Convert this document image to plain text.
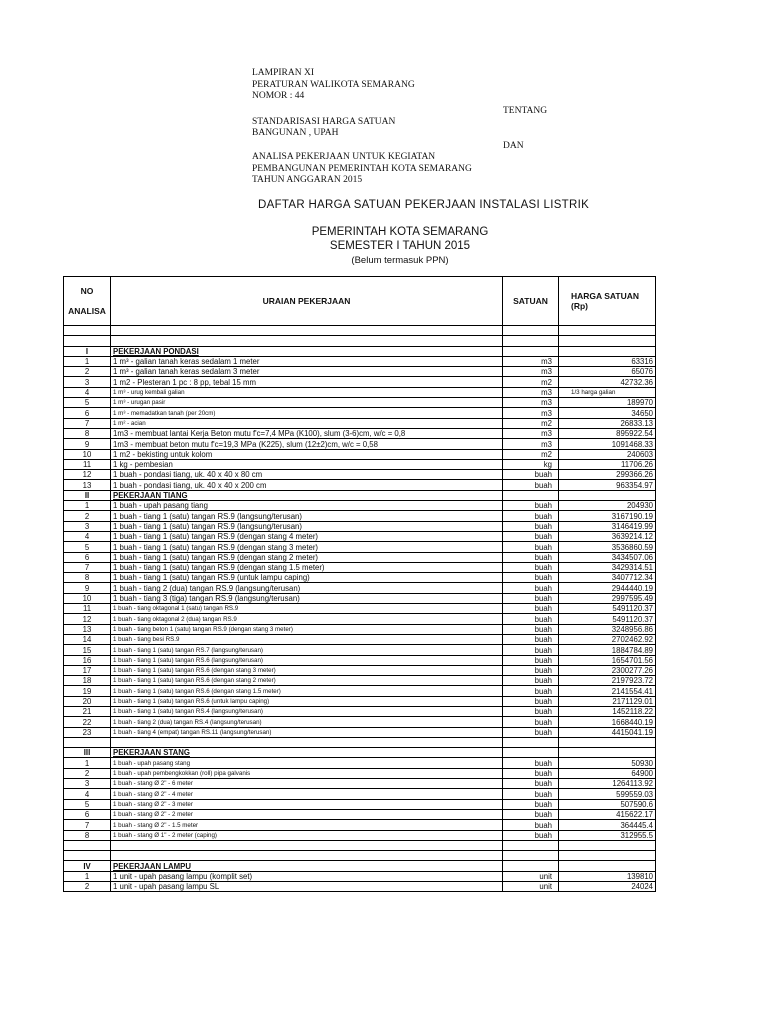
LAMPIRAN XI
PERATURAN WALIKOTA SEMARANG
NOMOR : 44
STANDARISASI HARGA SATUAN
BANGUNAN , UPAH
ANALISA PEKERJAAN UNTUK KEGIATAN
PEMBANGUNAN PEMERINTAH KOTA SEMARANG
TAHUN ANGGARAN 2015
TENTANG
DAN
DAFTAR HARGA SATUAN PEKERJAAN INSTALASI LISTRIK
PEMERINTAH KOTA SEMARANG
SEMESTER I TAHUN 2015
(Belum termasuk PPN)
NO
ANALISA	URAIAN PEKERJAAN	SATUAN	HARGA SATUAN (Rp)

I	PEKERJAAN PONDASI		
1	1 m³ - galian tanah keras sedalam 1 meter	m3	63316
2	1 m³ - galian tanah keras sedalam 3 meter	m3	65076
3	1 m2 - Plesteran 1 pc : 8 pp, tebal 15 mm	m2	42732.36
4	1 m³ - urug kembali galian	m3	1/3 harga galian
5	1 m³ - urugan pasir	m3	189970
6	1 m³ - memadatkan tanah (per 20cm)	m3	34650
7	1 m² - acian	m2	26833.13
8	1m3 - membuat lantai Kerja Beton mutu f'c=7,4 MPa (K100), slum (3-6)cm, w/c = 0,8	m3	895922.54
9	1m3 - membuat beton mutu f'c=19,3 MPa (K225), slum (12±2)cm, w/c = 0,58	m3	1091468.33
10	1 m2 - bekisting untuk kolom	m2	240603
11	1 kg - pembesian	kg	11706.26
12	1 buah - pondasi tiang, uk. 40 x 40 x 80 cm	buah	299366.26
13	1 buah - pondasi tiang, uk. 40 x 40 x 200 cm	buah	963354.97
II	PEKERJAAN TIANG		
1	1 buah - upah pasang tiang	buah	204930
2	1 buah - tiang 1 (satu) tangan RS.9 (langsung/terusan)	buah	3167190.19
3	1 buah - tiang 1 (satu) tangan RS.9 (langsung/terusan)	buah	3146419.99
4	1 buah - tiang 1 (satu) tangan RS.9 (dengan stang 4 meter)	buah	3639214.12
5	1 buah - tiang 1 (satu) tangan RS.9 (dengan stang 3 meter)	buah	3536860.59
6	1 buah - tiang 1 (satu) tangan RS.9 (dengan stang 2 meter)	buah	3434507.06
7	1 buah - tiang 1 (satu) tangan RS.9 (dengan stang 1.5 meter)	buah	3429314.51
8	1 buah - tiang 1 (satu) tangan RS.9 (untuk lampu caping)	buah	3407712.34
9	1 buah - tiang 2 (dua) tangan RS.9 (langsung/terusan)	buah	2944440.19
10	1 buah - tiang 3 (tiga) tangan RS.9 (langsung/terusan)	buah	2997595.49
11	1 buah - tiang oktagonal 1 (satu) tangan RS.9	buah	5491120.37
12	1 buah - tiang oktagonal 2 (dua) tangan RS.9	buah	5491120.37
13	1 buah - tiang beton 1 (satu) tangan RS.9 (dengan stang 3 meter)	buah	3248956.86
14	1 buah - tiang besi RS.9	buah	2702462.92
15	1 buah - tiang 1 (satu) tangan RS.7 (langsung/terusan)	buah	1884784.89
16	1 buah - tiang 1 (satu) tangan RS.6 (langsung/terusan)	buah	1654701.56
17	1 buah - tiang 1 (satu) tangan RS.6 (dengan stang 3 meter)	buah	2300277.26
18	1 buah - tiang 1 (satu) tangan RS.6 (dengan stang 2 meter)	buah	2197923.72
19	1 buah - tiang 1 (satu) tangan RS.6 (dengan stang 1.5 meter)	buah	2141554.41
20	1 buah - tiang 1 (satu) tangan RS.6 (untuk lampu caping)	buah	2171129.01
21	1 buah - tiang 1 (satu) tangan RS.4 (langsung/terusan)	buah	1452118.22
22	1 buah - tiang 2 (dua) tangan RS.4 (langsung/terusan)	buah	1668440.19
23	1 buah - tiang 4 (empat) tangan RS.11 (langsung/terusan)	buah	4415041.19

III	PEKERJAAN STANG		
1	1 buah - upah pasang stang	buah	50930
2	1 buah - upah pembengkokkan (roll) pipa galvanis	buah	64900
3	1 buah - stang Ø 2" - 6 meter	buah	1264113.92
4	1 buah - stang Ø 2" - 4 meter	buah	599559.03
5	1 buah - stang Ø 2" - 3 meter	buah	507590.6
6	1 buah - stang Ø 2" - 2 meter	buah	415622.17
7	1 buah - stang Ø 2" - 1.5 meter	buah	364445.4
8	1 buah - stang Ø 1" - 2 meter (caping)	buah	312955.5

IV	PEKERJAAN LAMPU		
1	1 unit - upah pasang lampu (komplit set)	unit	139810
2	1 unit - upah pasang lampu SL	unit	24024
